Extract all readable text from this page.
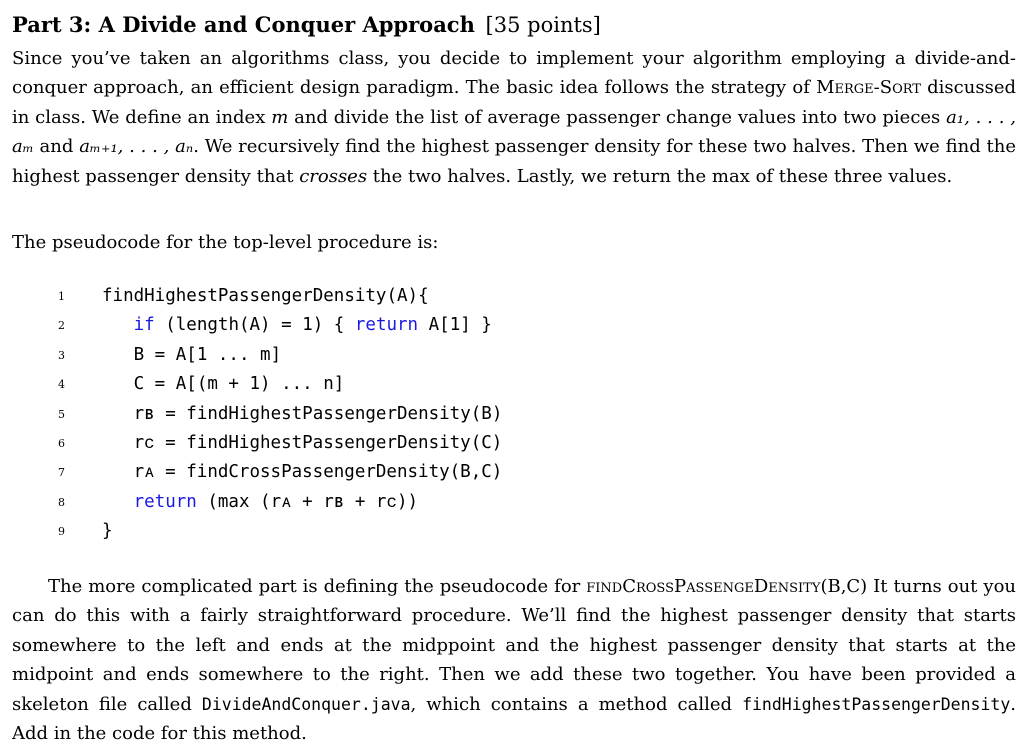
Part 3: A Divide and Conquer Approach [35 points]
Since you’ve taken an algorithms class, you decide to implement your algorithm employing a divide-and-conquer approach, an efficient design paradigm. The basic idea follows the strategy of Merge-Sort discussed in class. We define an index m and divide the list of average passenger change values into two pieces a₁, . . . , aₘ and aₘ₊₁, . . . , aₙ. We recursively find the highest passenger density for these two halves. Then we find the highest passenger density that crosses the two halves. Lastly, we return the max of these three values.
The pseudocode for the top-level procedure is:
1	findHighestPassengerDensity(A){
2	if (length(A) = 1) { return A[1] }
3	B = A[1 ... m]
4	C = A[(m + 1) ... n]
5	rʙ = findHighestPassengerDensity(B)
6	rᴄ = findHighestPassengerDensity(C)
7	rᴀ = findCrossPassengerDensity(B,C)
8	return (max (rᴀ + rʙ + rᴄ))
9	}
The more complicated part is defining the pseudocode for findCrossPassengeDensity(B,C) It turns out you can do this with a fairly straightforward procedure. We’ll find the highest passenger density that starts somewhere to the left and ends at the midppoint and the highest passenger density that starts at the midpoint and ends somewhere to the right. Then we add these two together. You have been provided a skeleton file called DivideAndConquer.java, which contains a method called findHighestPassengerDensity. Add in the code for this method.
